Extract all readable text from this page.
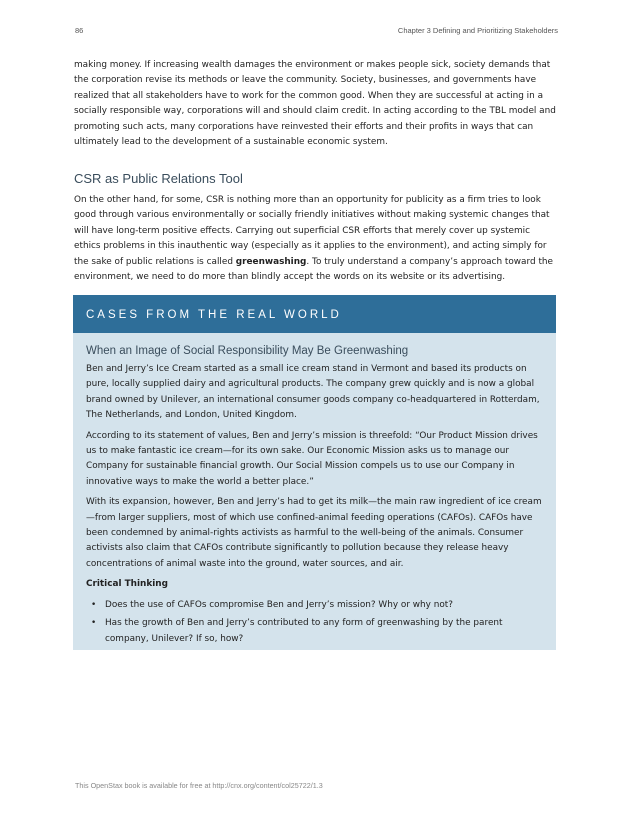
86	Chapter 3 Defining and Prioritizing Stakeholders

making money. If increasing wealth damages the environment or makes people sick, society demands that the corporation revise its methods or leave the community. Society, businesses, and governments have realized that all stakeholders have to work for the common good. When they are successful at acting in a socially responsible way, corporations will and should claim credit. In acting according to the TBL model and promoting such acts, many corporations have reinvested their efforts and their profits in ways that can ultimately lead to the development of a sustainable economic system.

CSR as Public Relations Tool

On the other hand, for some, CSR is nothing more than an opportunity for publicity as a firm tries to look good through various environmentally or socially friendly initiatives without making systemic changes that will have long-term positive effects. Carrying out superficial CSR efforts that merely cover up systemic ethics problems in this inauthentic way (especially as it applies to the environment), and acting simply for the sake of public relations is called greenwashing. To truly understand a company’s approach toward the environment, we need to do more than blindly accept the words on its website or its advertising.

CASES FROM THE REAL WORLD
When an Image of Social Responsibility May Be Greenwashing

Ben and Jerry’s Ice Cream started as a small ice cream stand in Vermont and based its products on pure, locally supplied dairy and agricultural products. The company grew quickly and is now a global brand owned by Unilever, an international consumer goods company co-headquartered in Rotterdam, The Netherlands, and London, United Kingdom.

According to its statement of values, Ben and Jerry’s mission is threefold: “Our Product Mission drives us to make fantastic ice cream—for its own sake. Our Economic Mission asks us to manage our Company for sustainable financial growth. Our Social Mission compels us to use our Company in innovative ways to make the world a better place.”

With its expansion, however, Ben and Jerry’s had to get its milk—the main raw ingredient of ice cream—from larger suppliers, most of which use confined-animal feeding operations (CAFOs). CAFOs have been condemned by animal-rights activists as harmful to the well-being of the animals. Consumer activists also claim that CAFOs contribute significantly to pollution because they release heavy concentrations of animal waste into the ground, water sources, and air.

Critical Thinking

• Does the use of CAFOs compromise Ben and Jerry’s mission? Why or why not?
• Has the growth of Ben and Jerry’s contributed to any form of greenwashing by the parent company, Unilever? If so, how?
This OpenStax book is available for free at http://cnx.org/content/col25722/1.3
